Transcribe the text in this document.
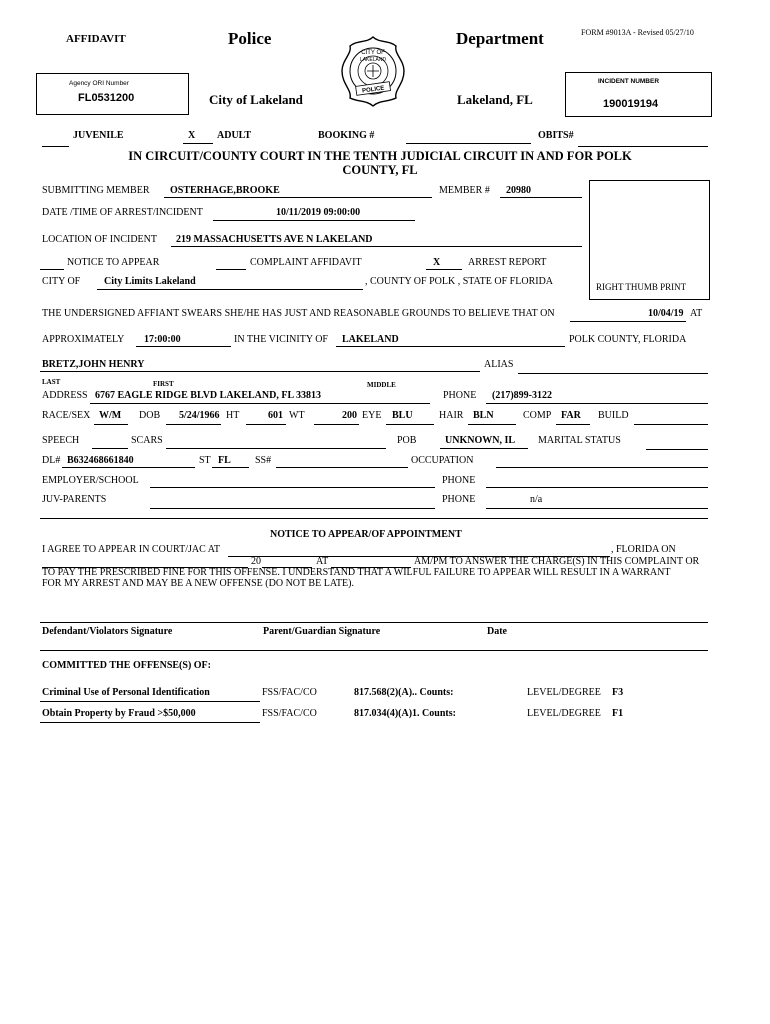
AFFIDAVIT	Police	Department	FORM #9013A - Revised 05/27/10
CITY OF
LAKELAND
POLICE
Agency ORI Number
FL0531200	City of Lakeland	Lakeland, FL
INCIDENT NUMBER
190019194
JUVENILE	X ADULT	BOOKING #	OBITS#
IN CIRCUIT/COUNTY COURT IN THE TENTH JUDICIAL CIRCUIT IN AND FOR POLK
COUNTY, FL
SUBMITTING MEMBER OSTERHAGE,BROOKE	MEMBER # 20980
DATE /TIME OF ARREST/INCIDENT	10/11/2019 09:00:00
LOCATION OF INCIDENT 219 MASSACHUSETTS AVE N LAKELAND
NOTICE TO APPEAR	COMPLAINT AFFIDAVIT	X	ARREST REPORT
CITY OF City Limits Lakeland	, COUNTY OF POLK , STATE OF FLORIDA	RIGHT THUMB PRINT
THE UNDERSIGNED AFFIANT SWEARS SHE/HE HAS JUST AND REASONABLE GROUNDS TO BELIEVE THAT ON	10/04/19 AT
APPROXIMATELY 17:00:00	IN THE VICINITY OF LAKELAND	POLK COUNTY, FLORIDA
BRETZ,JOHN HENRY	ALIAS
LAST	FIRST	MIDDLE
ADDRESS 6767 EAGLE RIDGE BLVD LAKELAND, FL 33813	PHONE (217)899-3122
RACE/SEX W/M DOB 5/24/1966 HT	601 WT	200 EYE BLU	HAIR BLN	COMP FAR BUILD
SPEECH	SCARS	POB	UNKNOWN, IL MARITAL STATUS
DL# B632468661840	ST FL SS#	OCCUPATION
EMPLOYER/SCHOOL	PHONE
JUV-PARENTS	PHONE	n/a
NOTICE TO APPEAR/OF APPOINTMENT
I AGREE TO APPEAR IN COURT/JAC AT	, FLORIDA ON
20	AT	AM/PM TO ANSWER THE CHARGE(S) IN THIS COMPLAINT OR
TO PAY THE PRESCRIBED FINE FOR THIS OFFENSE. I UNDERSTAND THAT A WILFUL FAILURE TO APPEAR WILL RESULT IN A WARRANT
FOR MY ARREST AND MAY BE A NEW OFFENSE (DO NOT BE LATE).
Defendant/Violators Signature	Parent/Guardian Signature	Date
COMMITTED THE OFFENSE(S) OF:
Criminal Use of Personal Identification	FSS/FAC/CO	817.568(2)(A).. Counts:	LEVEL/DEGREE F3
Obtain Property by Fraud >$50,000	FSS/FAC/CO	817.034(4)(A)1. Counts:	LEVEL/DEGREE F1
